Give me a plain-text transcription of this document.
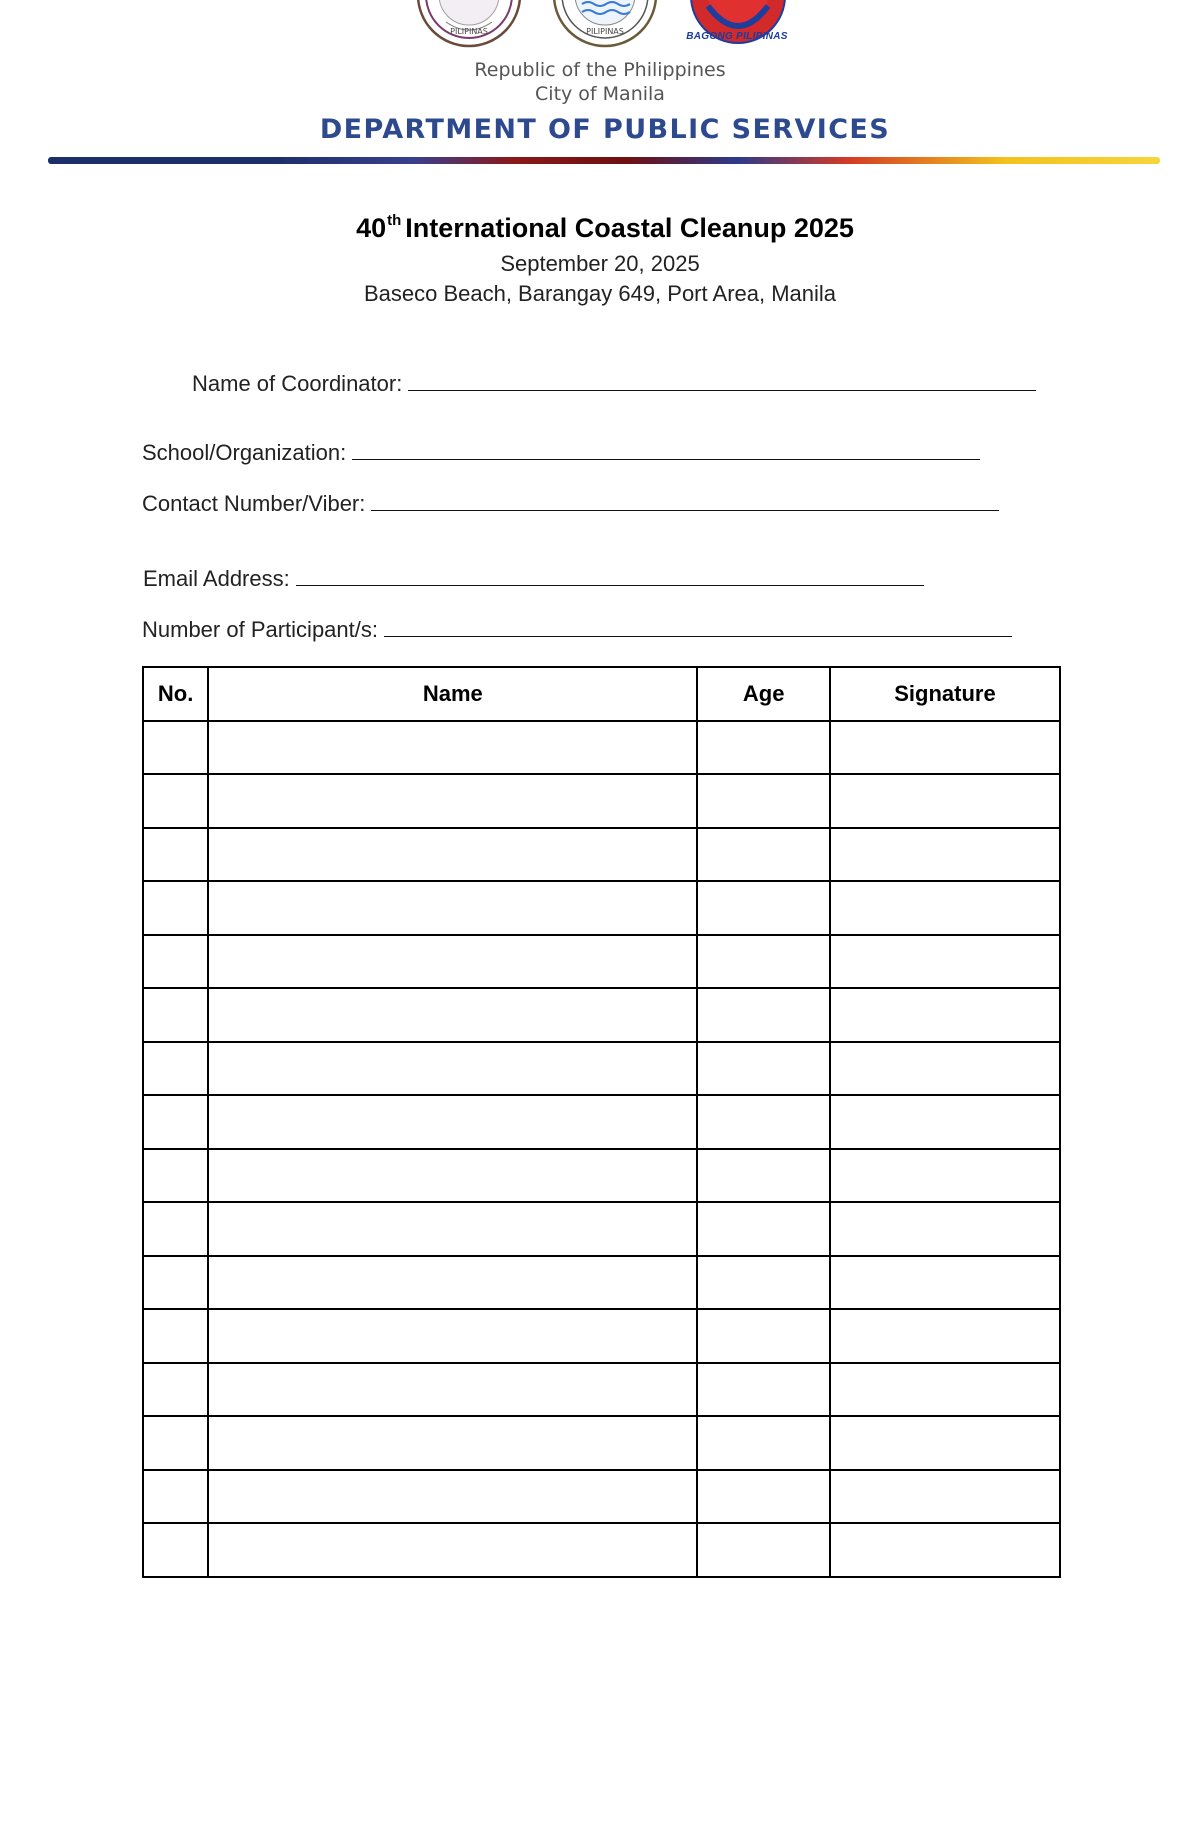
PILIPINAS	PILIPINAS	BAGONG PILIPINAS
Republic of the Philippines
City of Manila
DEPARTMENT OF PUBLIC SERVICES
40th International Coastal Cleanup 2025
September 20, 2025
Baseco Beach, Barangay 649, Port Area, Manila
Name of Coordinator:
School/Organization:
Contact Number/Viber:
Email Address:
Number of Participant/s:
No.	Name	Age	Signature
